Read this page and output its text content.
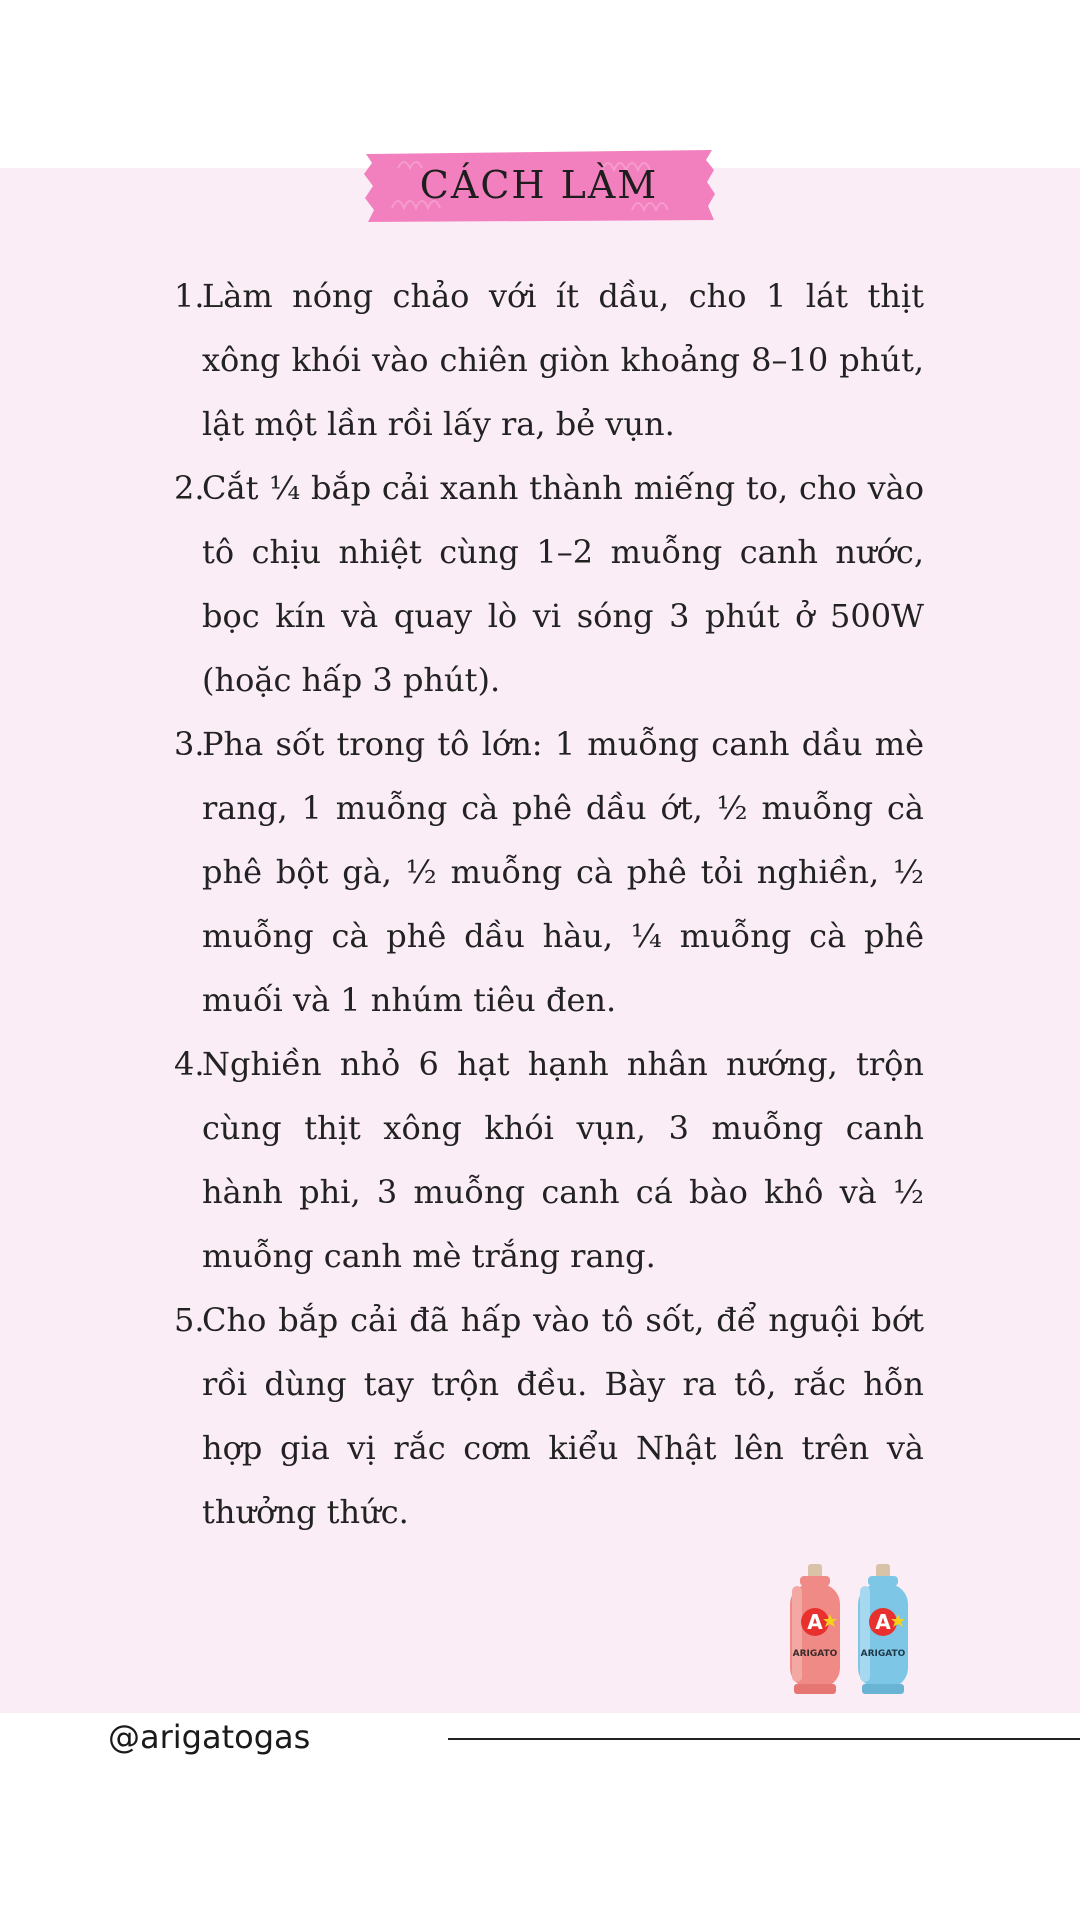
CÁCH LÀM
1.
Làm nóng chảo với ít dầu, cho 1 lát thịt xông khói vào chiên giòn khoảng 8–10 phút, lật một lần rồi lấy ra, bẻ vụn.
2.
Cắt ¼ bắp cải xanh thành miếng to, cho vào tô chịu nhiệt cùng 1–2 muỗng canh nước, bọc kín và quay lò vi sóng 3 phút ở 500W (hoặc hấp 3 phút).
3.
Pha sốt trong tô lớn: 1 muỗng canh dầu mè rang, 1 muỗng cà phê dầu ớt, ½ muỗng cà phê bột gà, ½ muỗng cà phê tỏi nghiền, ½ muỗng cà phê dầu hàu, ¼ muỗng cà phê muối và 1 nhúm tiêu đen.
4.
Nghiền nhỏ 6 hạt hạnh nhân nướng, trộn cùng thịt xông khói vụn, 3 muỗng canh hành phi, 3 muỗng canh cá bào khô và ½ muỗng canh mè trắng rang.
5.
Cho bắp cải đã hấp vào tô sốt, để nguội bớt rồi dùng tay trộn đều. Bày ra tô, rắc hỗn hợp gia vị rắc cơm kiểu Nhật lên trên và thưởng thức.
A
ARIGATO
A
ARIGATO
@arigatogas
